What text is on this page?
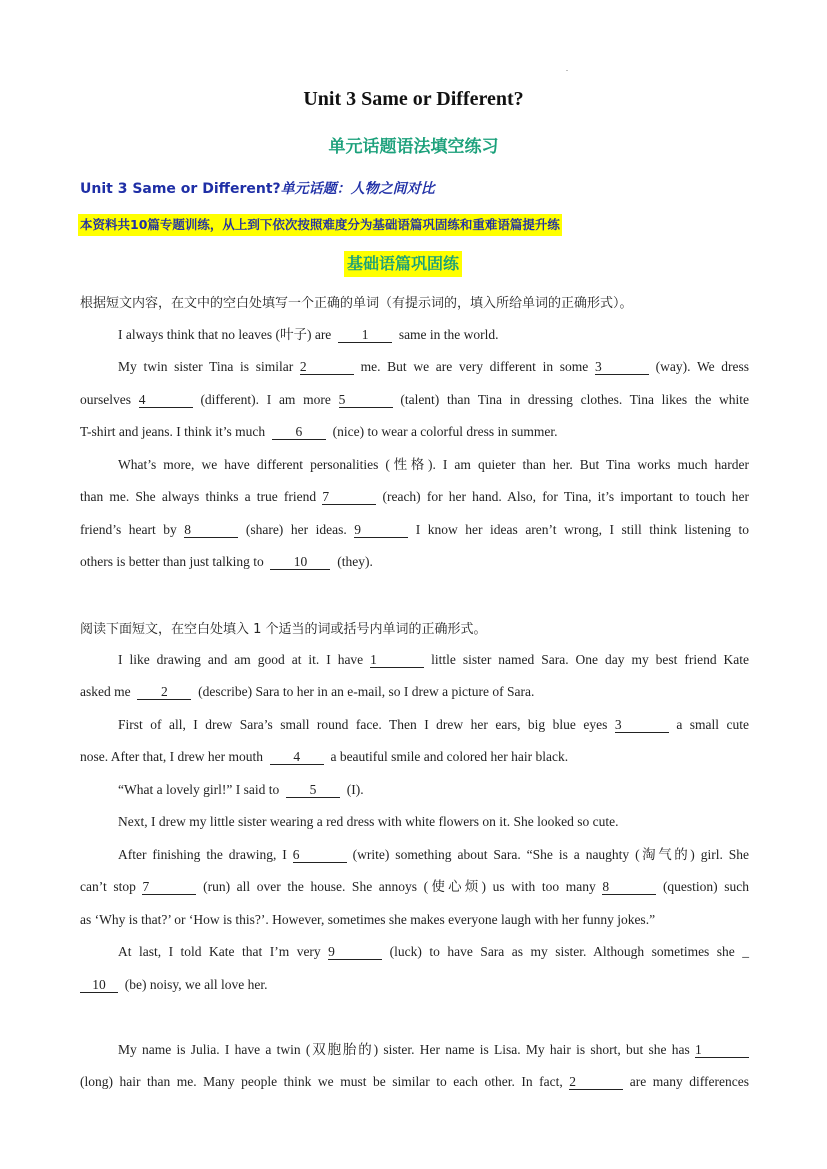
.
Unit 3 Same or Different?
单元话题语法填空练习
Unit 3 Same or Different?单元话题：人物之间对比
本资料共10篇专题训练，从上到下依次按照难度分为基础语篇巩固练和重难语篇提升练
基础语篇巩固练
根据短文内容，在文中的空白处填写一个正确的单词（有提示词的，填入所给单词的正确形式）。
I always think that no leaves (叶子) are 1 same in the world.
My twin sister Tina is similar 2	me. But we are very different in some 3	(way). We dress
ourselves 4	(different). I am more 5	(talent) than Tina in dressing clothes. Tina likes the white
T-shirt and jeans. I think it’s much 6 (nice) to wear a colorful dress in summer.
What’s more, we have different personalities (性格). I am quieter than her. But Tina works much harder
than me. She always thinks a true friend 7	(reach) for her hand. Also, for Tina, it’s important to touch her
friend’s heart by 8	(share) her ideas. 9	I know her ideas aren’t wrong, I still think listening to
others is better than just talking to 10 (they).
阅读下面短文，在空白处填入 1 个适当的词或括号内单词的正确形式。
I like drawing and am good at it. I have 1	little sister named Sara. One day my best friend Kate
asked me 2 (describe) Sara to her in an e-mail, so I drew a picture of Sara.
First of all, I drew Sara’s small round face. Then I drew her ears, big blue eyes 3	a small cute
nose. After that, I drew her mouth 4 a beautiful smile and colored her hair black.
“What a lovely girl!” I said to 5 (I).
Next, I drew my little sister wearing a red dress with white flowers on it. She looked so cute.
After finishing the drawing, I 6	(write) something about Sara. “She is a naughty (淘气的) girl. She
can’t stop 7	(run) all over the house. She annoys (使心烦) us with too many 8	(question) such
as ‘Why is that?’ or ‘How is this?’. However, sometimes she makes everyone laugh with her funny jokes.”
At last, I told Kate that I’m very 9	(luck) to have Sara as my sister. Although sometimes she _
10 (be) noisy, we all love her.
My name is Julia. I have a twin (双胞胎的) sister. Her name is Lisa. My hair is short, but she has 1
(long) hair than me. Many people think we must be similar to each other. In fact, 2	are many differences
